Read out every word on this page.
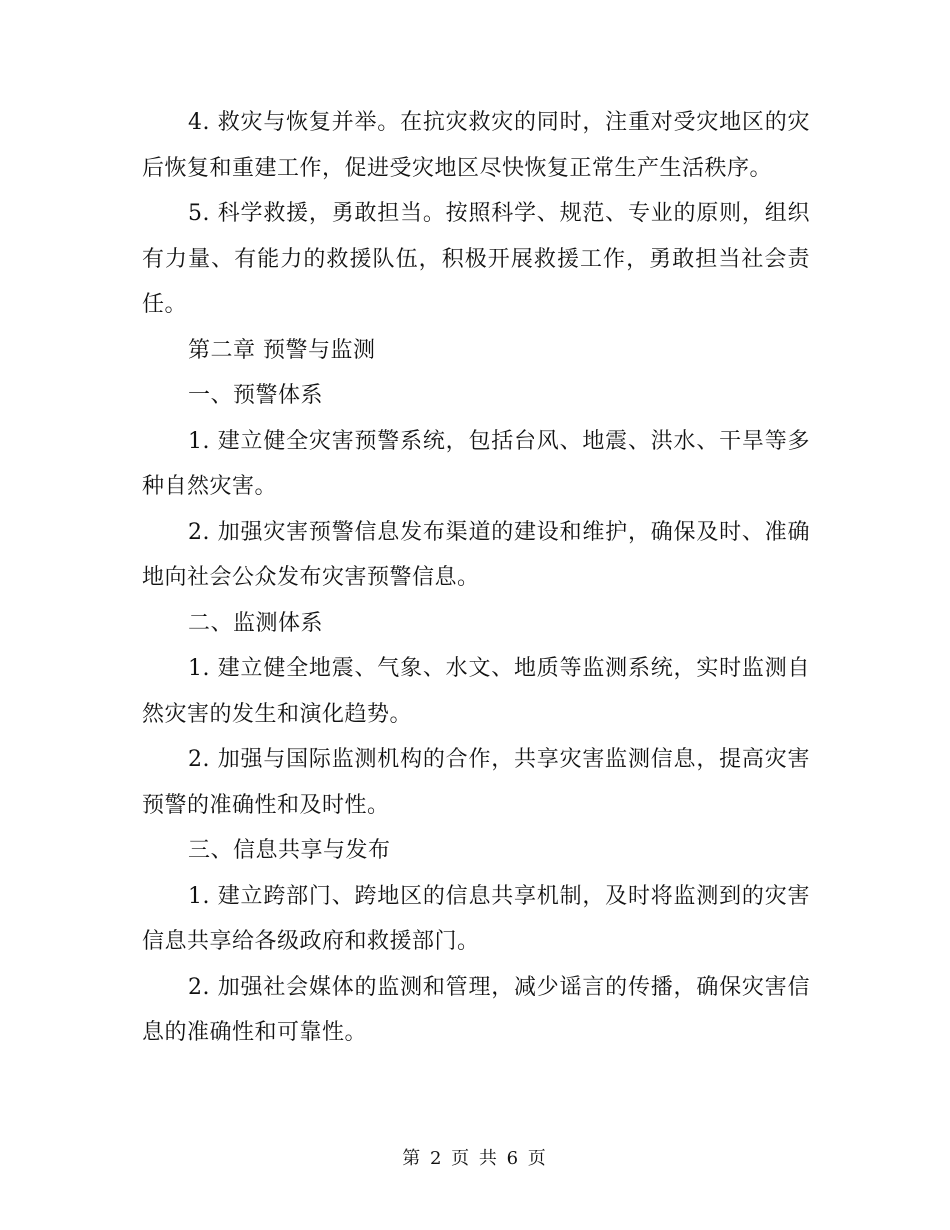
4. 救灾与恢复并举。在抗灾救灾的同时，注重对受灾地区的灾后恢复和重建工作，促进受灾地区尽快恢复正常生产生活秩序。

5. 科学救援，勇敢担当。按照科学、规范、专业的原则，组织有力量、有能力的救援队伍，积极开展救援工作，勇敢担当社会责任。

第二章 预警与监测

一、预警体系

1. 建立健全灾害预警系统，包括台风、地震、洪水、干旱等多种自然灾害。

2. 加强灾害预警信息发布渠道的建设和维护，确保及时、准确地向社会公众发布灾害预警信息。

二、监测体系

1. 建立健全地震、气象、水文、地质等监测系统，实时监测自然灾害的发生和演化趋势。

2. 加强与国际监测机构的合作，共享灾害监测信息，提高灾害预警的准确性和及时性。

三、信息共享与发布

1. 建立跨部门、跨地区的信息共享机制，及时将监测到的灾害信息共享给各级政府和救援部门。

2. 加强社会媒体的监测和管理，减少谣言的传播，确保灾害信息的准确性和可靠性。

第 2 页 共 6 页
